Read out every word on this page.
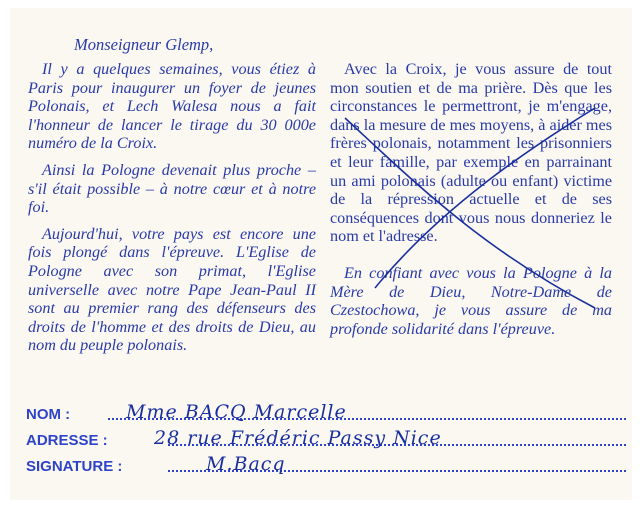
Monseigneur Glemp,

Il y a quelques semaines, vous étiez à Paris pour inaugurer un foyer de jeunes Polonais, et Lech Walesa nous a fait l'honneur de lancer le tirage du 30 000e numéro de la Croix.

Ainsi la Pologne devenait plus proche – s'il était possible – à notre cœur et à notre foi.

Aujourd'hui, votre pays est encore une fois plongé dans l'épreuve. L'Eglise de Pologne avec son primat, l'Eglise universelle avec notre Pape Jean-Paul II sont au premier rang des défenseurs des droits de l'homme et des droits de Dieu, au nom du peuple polonais.

Avec la Croix, je vous assure de tout mon soutien et de ma prière. Dès que les circonstances le permettront, je m'engage, dans la mesure de mes moyens, à aider mes frères polonais, notamment les prisonniers et leur famille, par exemple en parrainant un ami polonais (adulte ou enfant) victime de la répression actuelle et de ses conséquences dont vous nous donneriez le nom et l'adresse.

En confiant avec vous la Pologne à la Mère de Dieu, Notre-Dame de Czestochowa, je vous assure de ma profonde solidarité dans l'épreuve.

NOM :	Mme BACQ Marcelle
ADRESSE :	28 rue Frédéric Passy Nice
SIGNATURE :	M.Bacq
